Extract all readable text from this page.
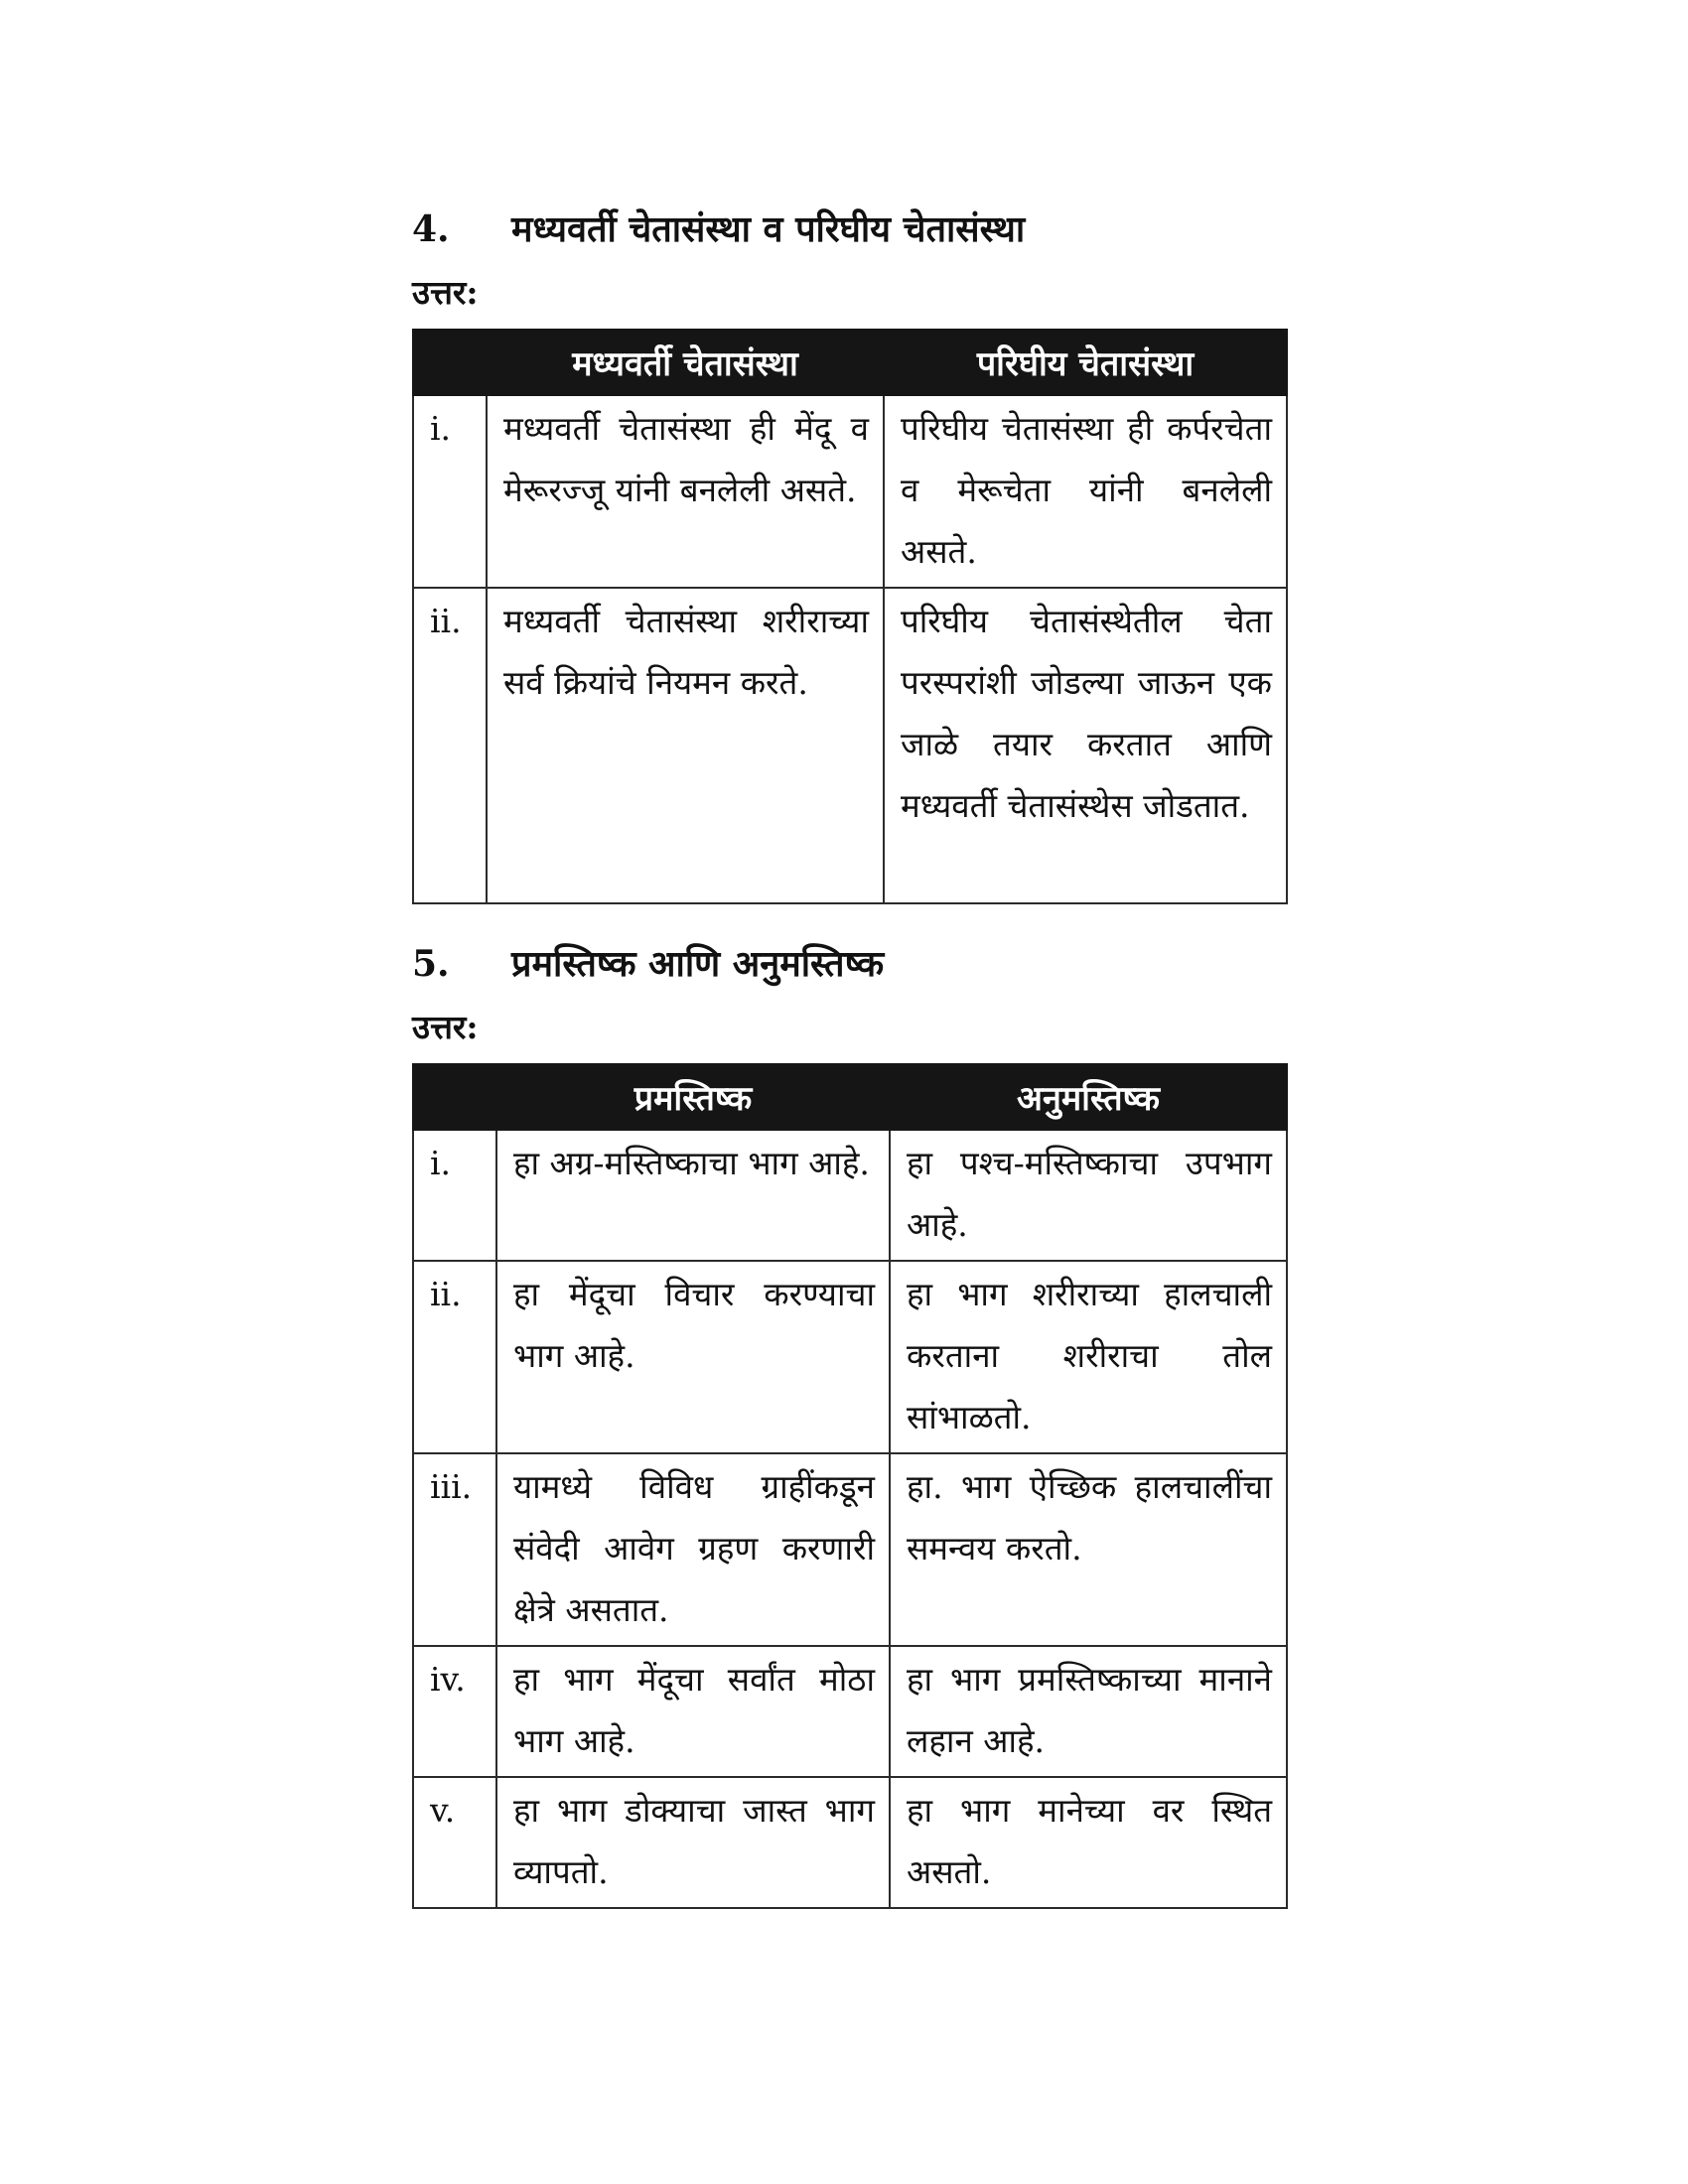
4.	मध्यवर्ती चेतासंस्था व परिघीय चेतासंस्था
उत्तर:
	मध्यवर्ती चेतासंस्था	परिघीय चेतासंस्था
i.	मध्यवर्ती चेतासंस्था ही मेंदू व मेरूरज्जू यांनी बनलेली असते.	परिघीय चेतासंस्था ही कर्परचेता व मेरूचेता यांनी बनलेली असते.
ii.	मध्यवर्ती चेतासंस्था शरीराच्या सर्व क्रियांचे नियमन करते.	परिघीय चेतासंस्थेतील चेता परस्परांशी जोडल्या जाऊन एक जाळे तयार करतात आणि मध्यवर्ती चेतासंस्थेस जोडतात.
5.	प्रमस्तिष्क आणि अनुमस्तिष्क
उत्तर:
	प्रमस्तिष्क	अनुमस्तिष्क
i.	हा अग्र-मस्तिष्काचा भाग आहे.	हा पश्च-मस्तिष्काचा उपभाग आहे.
ii.	हा मेंदूचा विचार करण्याचा भाग आहे.	हा भाग शरीराच्या हालचाली करताना शरीराचा तोल सांभाळतो.
iii.	यामध्ये विविध ग्राहींकडून संवेदी आवेग ग्रहण करणारी क्षेत्रे असतात.	हा. भाग ऐच्छिक हालचालींचा समन्वय करतो.
iv.	हा भाग मेंदूचा सर्वांत मोठा भाग आहे.	हा भाग प्रमस्तिष्काच्या मानाने लहान आहे.
v.	हा भाग डोक्याचा जास्त भाग व्यापतो.	हा भाग मानेच्या वर स्थित असतो.
